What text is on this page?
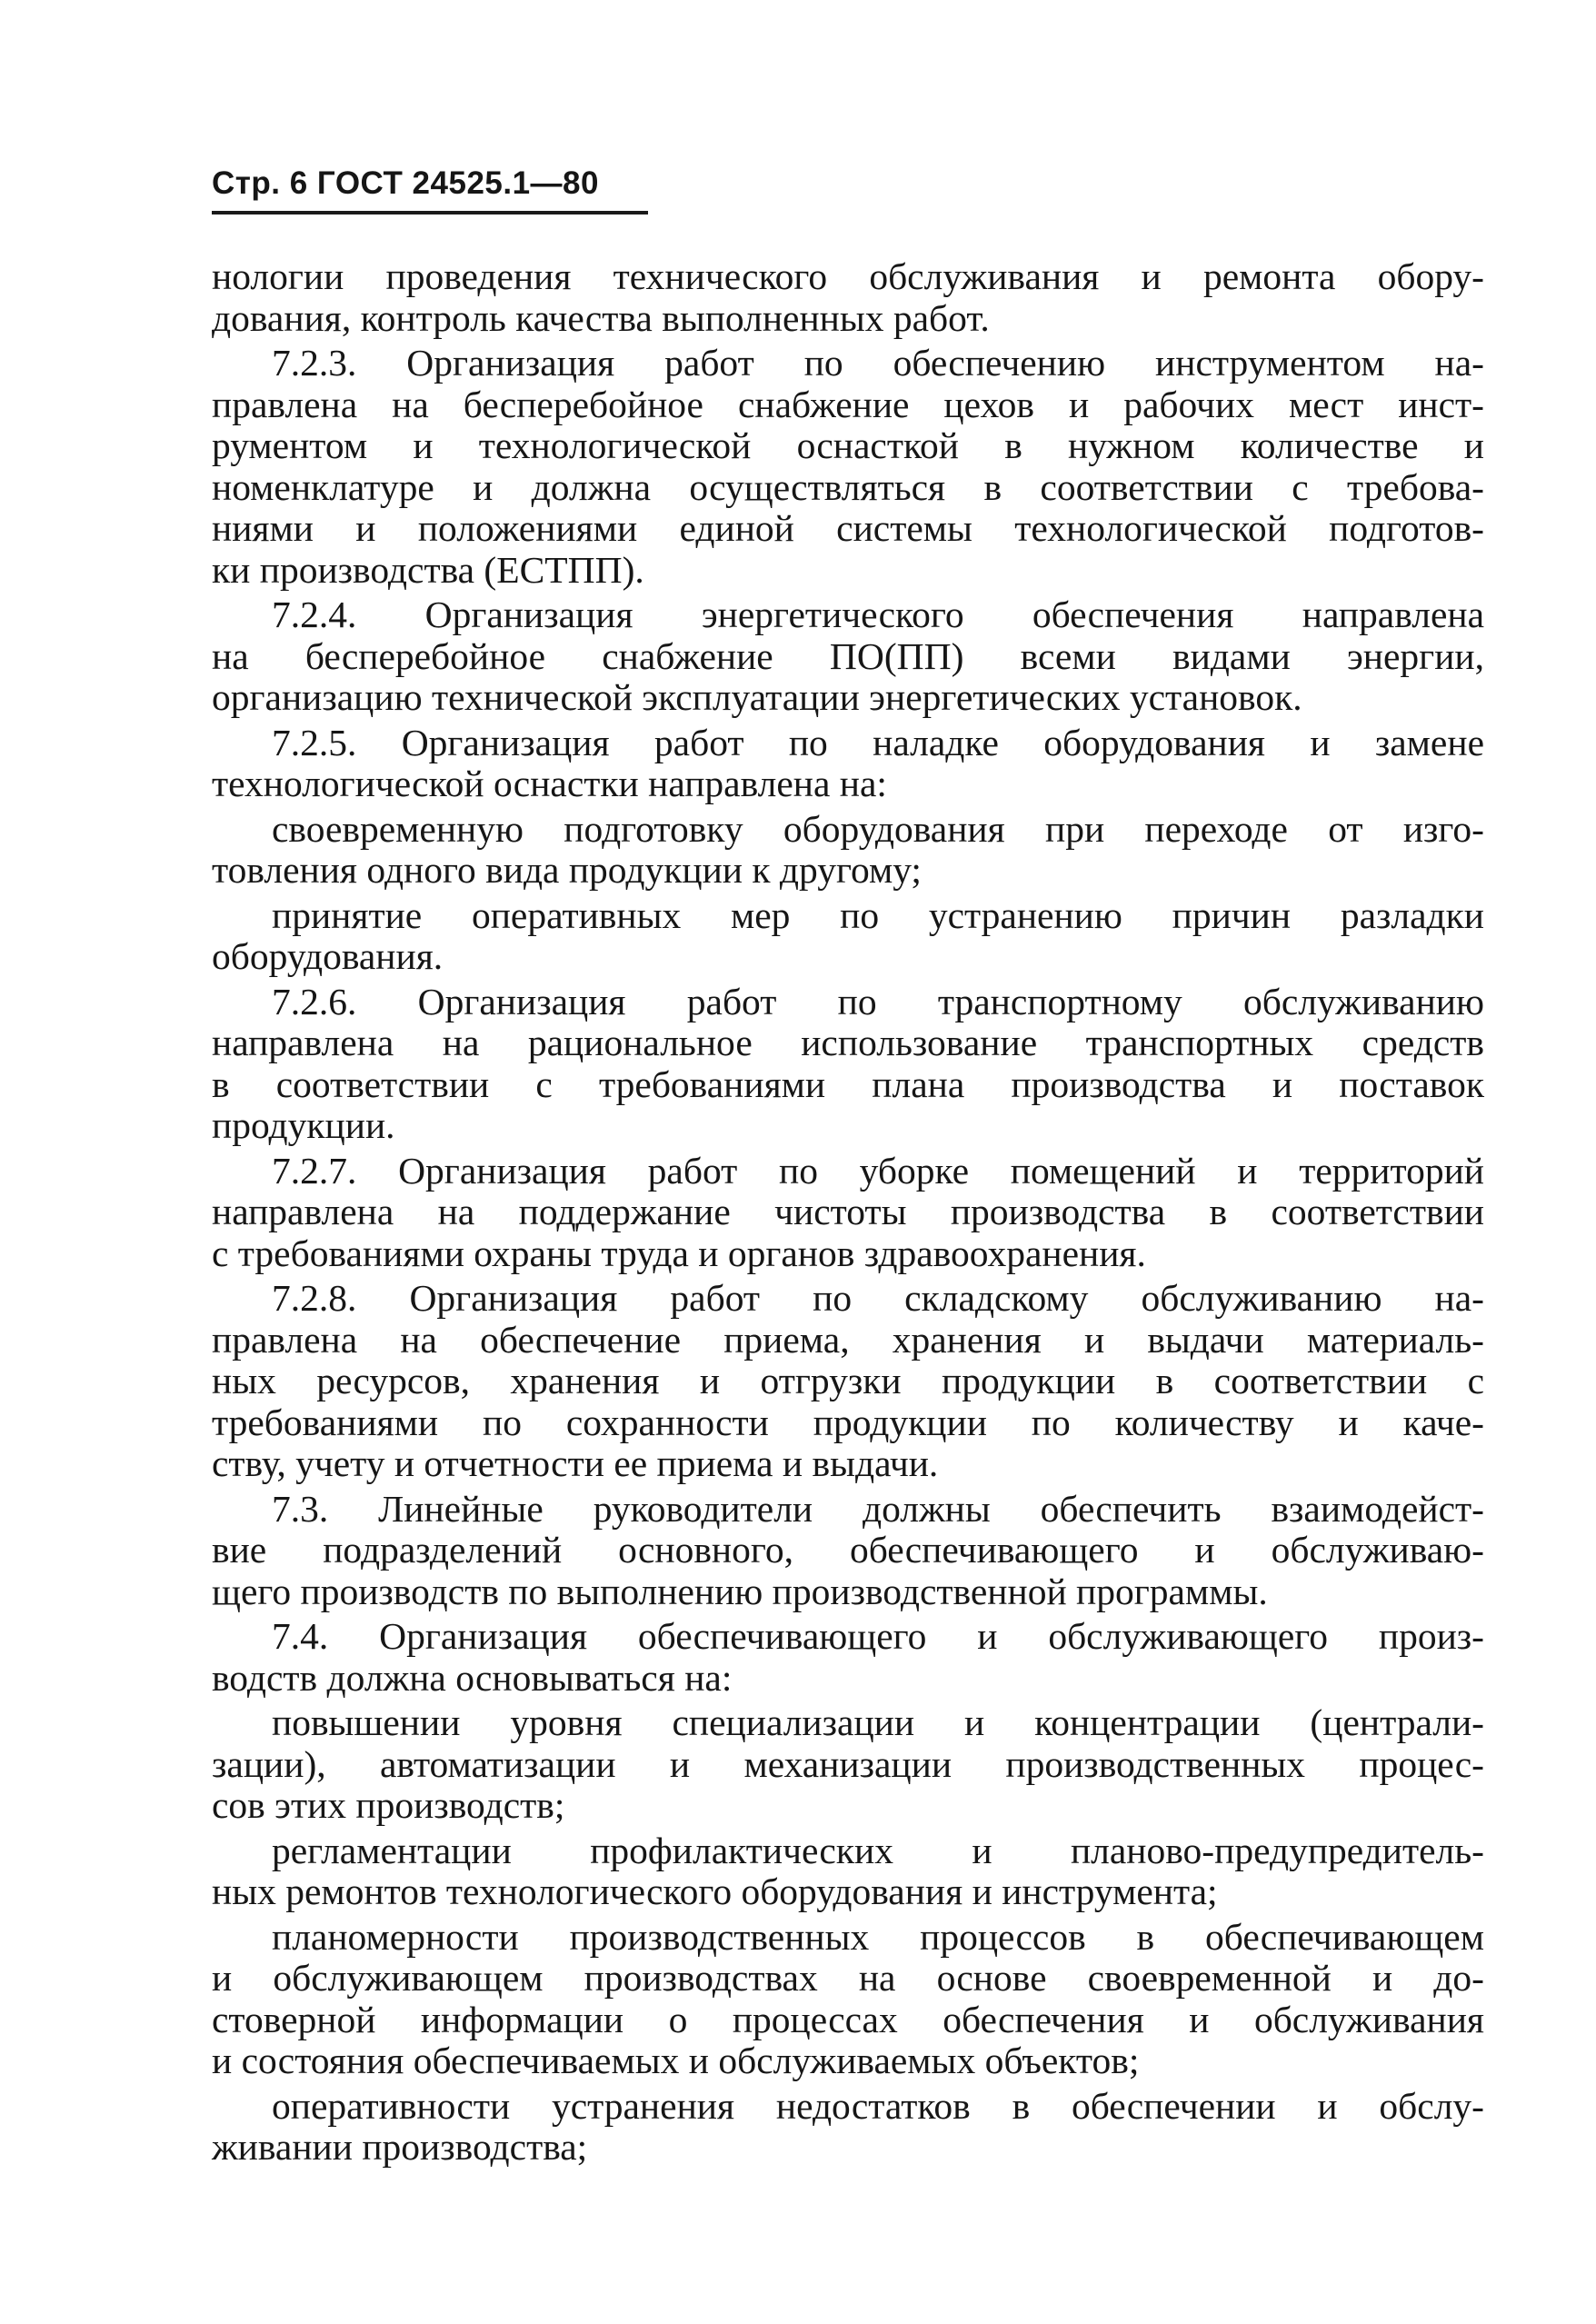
Стр. 6 ГОСТ 24525.1—80

нологии проведения технического обслуживания и ремонта обору-
дования, контроль качества выполненных работ.

7.2.3. Организация работ по обеспечению инструментом на-
правлена на бесперебойное снабжение цехов и рабочих мест инст-
рументом и технологической оснасткой в нужном количестве и
номенклатуре и должна осуществляться в соответствии с требова-
ниями и положениями единой системы технологической подготов-
ки производства (ЕСТПП).

7.2.4. Организация энергетического обеспечения направлена
на бесперебойное снабжение ПО(ПП) всеми видами энергии,
организацию технической эксплуатации энергетических установок.

7.2.5. Организация работ по наладке оборудования и замене
технологической оснастки направлена на:

своевременную подготовку оборудования при переходе от изго-
товления одного вида продукции к другому;

принятие оперативных мер по устранению причин разладки
оборудования.

7.2.6. Организация работ по транспортному обслуживанию
направлена на рациональное использование транспортных средств
в соответствии с требованиями плана производства и поставок
продукции.

7.2.7. Организация работ по уборке помещений и территорий
направлена на поддержание чистоты производства в соответствии
с требованиями охраны труда и органов здравоохранения.

7.2.8. Организация работ по складскому обслуживанию на-
правлена на обеспечение приема, хранения и выдачи материаль-
ных ресурсов, хранения и отгрузки продукции в соответствии с
требованиями по сохранности продукции по количеству и каче-
ству, учету и отчетности ее приема и выдачи.

7.3. Линейные руководители должны обеспечить взаимодейст-
вие подразделений основного, обеспечивающего и обслуживаю-
щего производств по выполнению производственной программы.

7.4. Организация обеспечивающего и обслуживающего произ-
водств должна основываться на:

повышении уровня специализации и концентрации (централи-
зации), автоматизации и механизации производственных процес-
сов этих производств;

регламентации профилактических и планово-предупредитель-
ных ремонтов технологического оборудования и инструмента;

планомерности производственных процессов в обеспечивающем
и обслуживающем производствах на основе своевременной и до-
стоверной информации о процессах обеспечения и обслуживания
и состояния обеспечиваемых и обслуживаемых объектов;

оперативности устранения недостатков в обеспечении и обслу-
живании производства;
